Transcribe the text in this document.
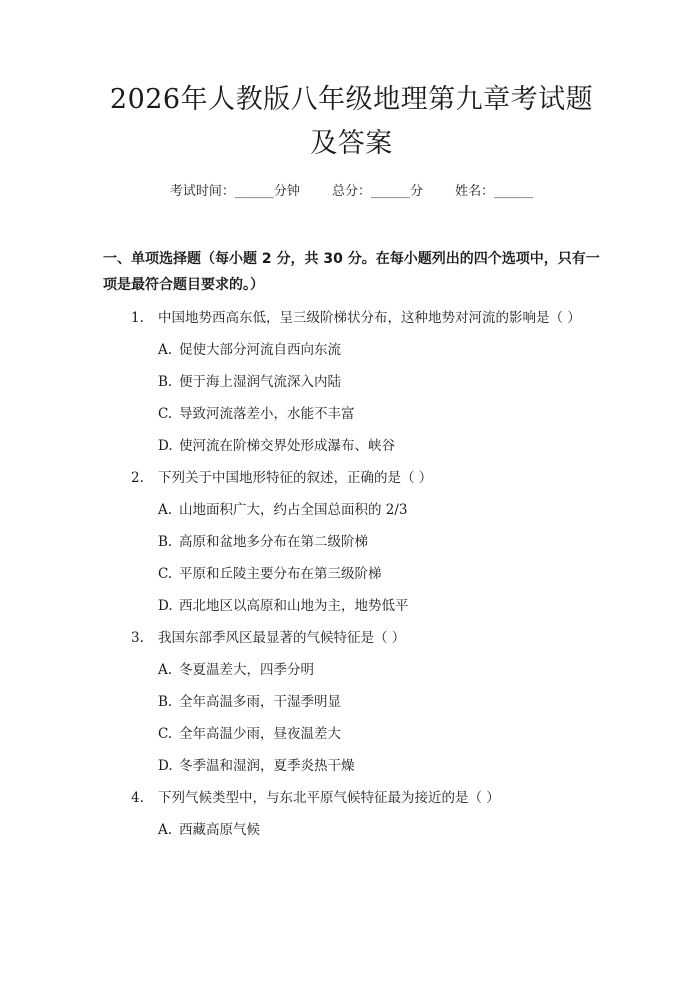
2026年人教版八年级地理第九章考试题及答案
考试时间：______分钟 总分：______分 姓名：______
一、单项选择题（每小题 2 分，共 30 分。在每小题列出的四个选项中，只有一项是最符合题目要求的。）
1. 中国地势西高东低，呈三级阶梯状分布，这种地势对河流的影响是（ ）
A. 促使大部分河流自西向东流
B. 便于海上湿润气流深入内陆
C. 导致河流落差小，水能不丰富
D. 使河流在阶梯交界处形成瀑布、峡谷
2. 下列关于中国地形特征的叙述，正确的是（ ）
A. 山地面积广大，约占全国总面积的 2/3
B. 高原和盆地多分布在第二级阶梯
C. 平原和丘陵主要分布在第三级阶梯
D. 西北地区以高原和山地为主，地势低平
3. 我国东部季风区最显著的气候特征是（ ）
A. 冬夏温差大，四季分明
B. 全年高温多雨，干湿季明显
C. 全年高温少雨，昼夜温差大
D. 冬季温和湿润，夏季炎热干燥
4. 下列气候类型中，与东北平原气候特征最为接近的是（ ）
A. 西藏高原气候
